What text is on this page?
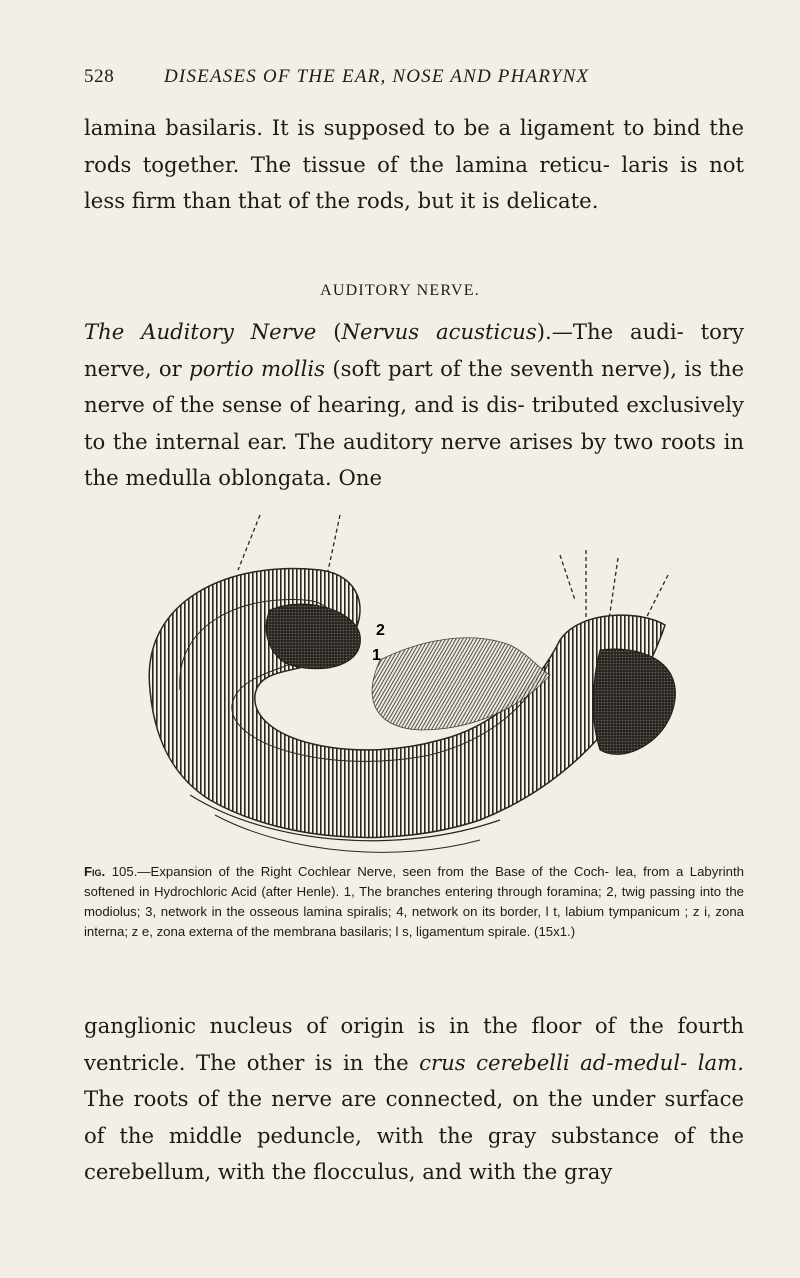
528	DISEASES OF THE EAR, NOSE AND PHARYNX

lamina basilaris. It is supposed to be a ligament to bind the rods together. The tissue of the lamina reticu- laris is not less firm than that of the rods, but it is delicate.

AUDITORY NERVE.

The Auditory Nerve (Nervus acusticus).—The audi- tory nerve, or portio mollis (soft part of the seventh nerve), is the nerve of the sense of hearing, and is dis- tributed exclusively to the internal ear. The auditory nerve arises by two roots in the medulla oblongata. One

2
1

Fig. 105.—Expansion of the Right Cochlear Nerve, seen from the Base of the Coch- lea, from a Labyrinth softened in Hydrochloric Acid (after Henle). 1, The branches entering through foramina; 2, twig passing into the modiolus; 3, network in the osseous lamina spiralis; 4, network on its border, l t, labium tympanicum ; z i, zona interna; z e, zona externa of the membrana basilaris; l s, ligamentum spirale. (15x1.)

ganglionic nucleus of origin is in the floor of the fourth ventricle. The other is in the crus cerebelli ad-medul- lam. The roots of the nerve are connected, on the under surface of the middle peduncle, with the gray substance of the cerebellum, with the flocculus, and with the gray
